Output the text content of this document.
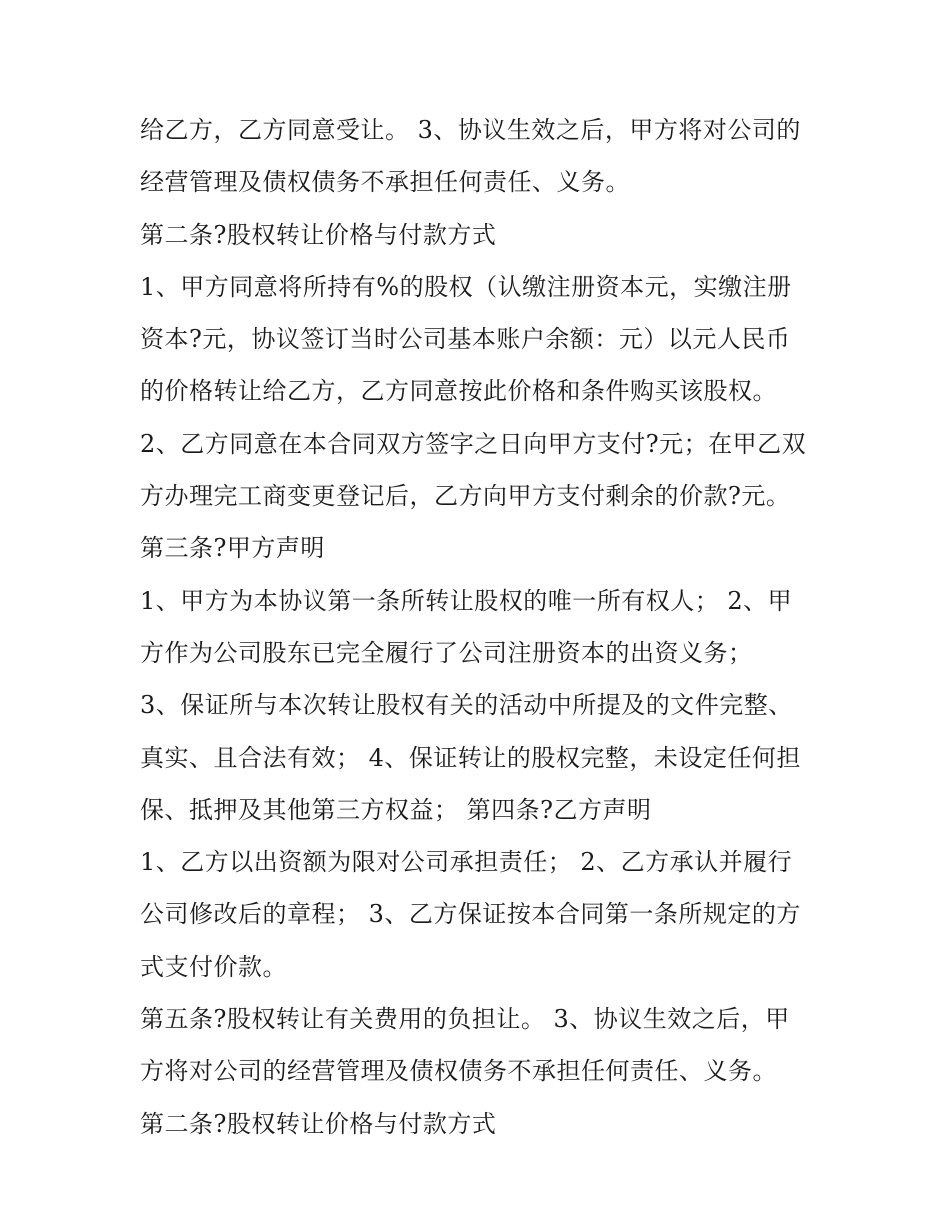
给乙方，乙方同意受让。 3、协议生效之后，甲方将对公司的
经营管理及债权债务不承担任何责任、义务。
第二条?股权转让价格与付款方式
1、甲方同意将所持有%的股权（认缴注册资本元，实缴注册
资本?元，协议签订当时公司基本账户余额：元）以元人民币
的价格转让给乙方，乙方同意按此价格和条件购买该股权。
2、乙方同意在本合同双方签字之日向甲方支付?元；在甲乙双
方办理完工商变更登记后，乙方向甲方支付剩余的价款?元。
第三条?甲方声明
1、甲方为本协议第一条所转让股权的唯一所有权人； 2、甲
方作为公司股东已完全履行了公司注册资本的出资义务；
3、保证所与本次转让股权有关的活动中所提及的文件完整、
真实、且合法有效； 4、保证转让的股权完整，未设定任何担
保、抵押及其他第三方权益； 第四条?乙方声明
1、乙方以出资额为限对公司承担责任； 2、乙方承认并履行
公司修改后的章程； 3、乙方保证按本合同第一条所规定的方
式支付价款。
第五条?股权转让有关费用的负担让。 3、协议生效之后，甲
方将对公司的经营管理及债权债务不承担任何责任、义务。
第二条?股权转让价格与付款方式
